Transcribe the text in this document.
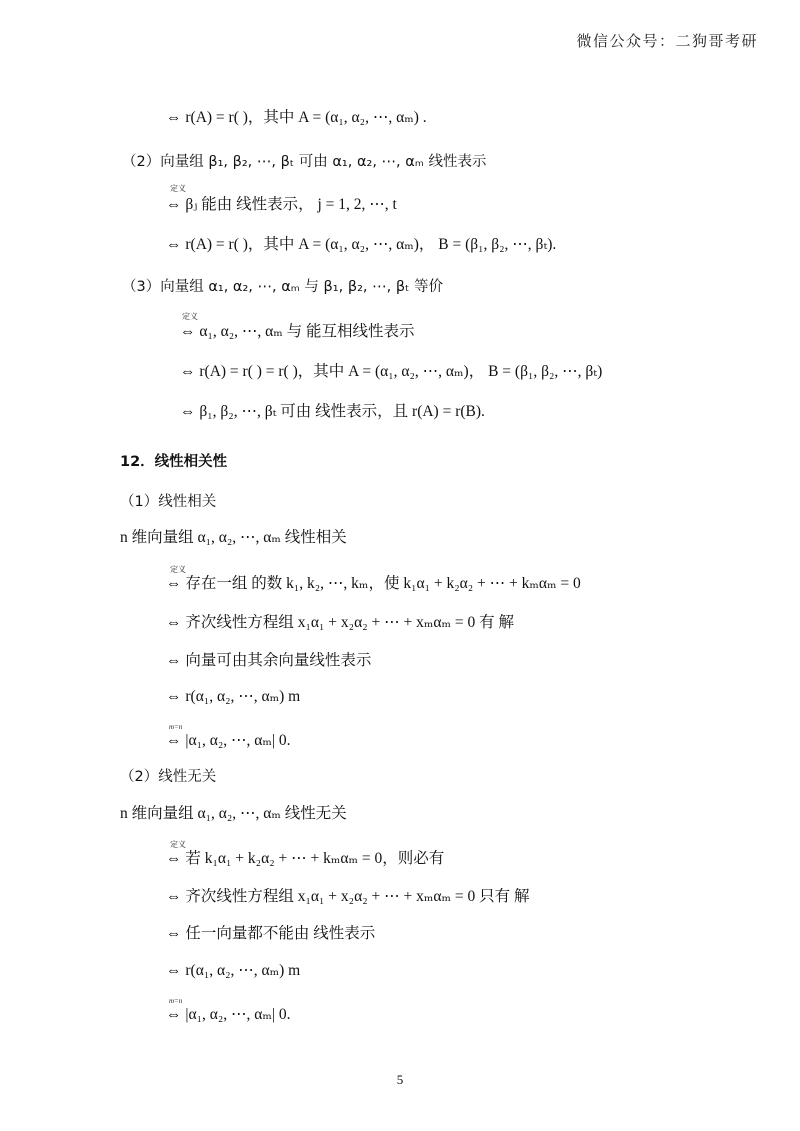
微信公众号：二狗哥考研
⇔ r(A) = r( )，其中 A = (α₁, α₂, ⋯, αₘ) .
（2）向量组 β₁, β₂, ⋯, βₜ 可由 α₁, α₂, ⋯, αₘ 线性表示
定义
⇔ βⱼ 能由 线性表示， j = 1, 2, ⋯, t
⇔ r(A) = r( )，其中 A = (α₁, α₂, ⋯, αₘ)， B = (β₁, β₂, ⋯, βₜ).
（3）向量组 α₁, α₂, ⋯, αₘ 与 β₁, β₂, ⋯, βₜ 等价
定义
⇔ α₁, α₂, ⋯, αₘ 与 能互相线性表示
⇔ r(A) = r( ) = r( )，其中 A = (α₁, α₂, ⋯, αₘ)， B = (β₁, β₂, ⋯, βₜ)
⇔ β₁, β₂, ⋯, βₜ 可由 线性表示，且 r(A) = r(B).
12．线性相关性
（1）线性相关
n 维向量组 α₁, α₂, ⋯, αₘ 线性相关
定义
⇔ 存在一组 的数 k₁, k₂, ⋯, kₘ，使 k₁α₁ + k₂α₂ + ⋯ + kₘαₘ = 0
⇔ 齐次线性方程组 x₁α₁ + x₂α₂ + ⋯ + xₘαₘ = 0 有 解
⇔ 向量可由其余向量线性表示
⇔ r(α₁, α₂, ⋯, αₘ) m
m=n
⇔ |α₁, α₂, ⋯, αₘ| 0.
（2）线性无关
n 维向量组 α₁, α₂, ⋯, αₘ 线性无关
定义
⇔ 若 k₁α₁ + k₂α₂ + ⋯ + kₘαₘ = 0，则必有
⇔ 齐次线性方程组 x₁α₁ + x₂α₂ + ⋯ + xₘαₘ = 0 只有 解
⇔ 任一向量都不能由 线性表示
⇔ r(α₁, α₂, ⋯, αₘ) m
m=n
⇔ |α₁, α₂, ⋯, αₘ| 0.
5
